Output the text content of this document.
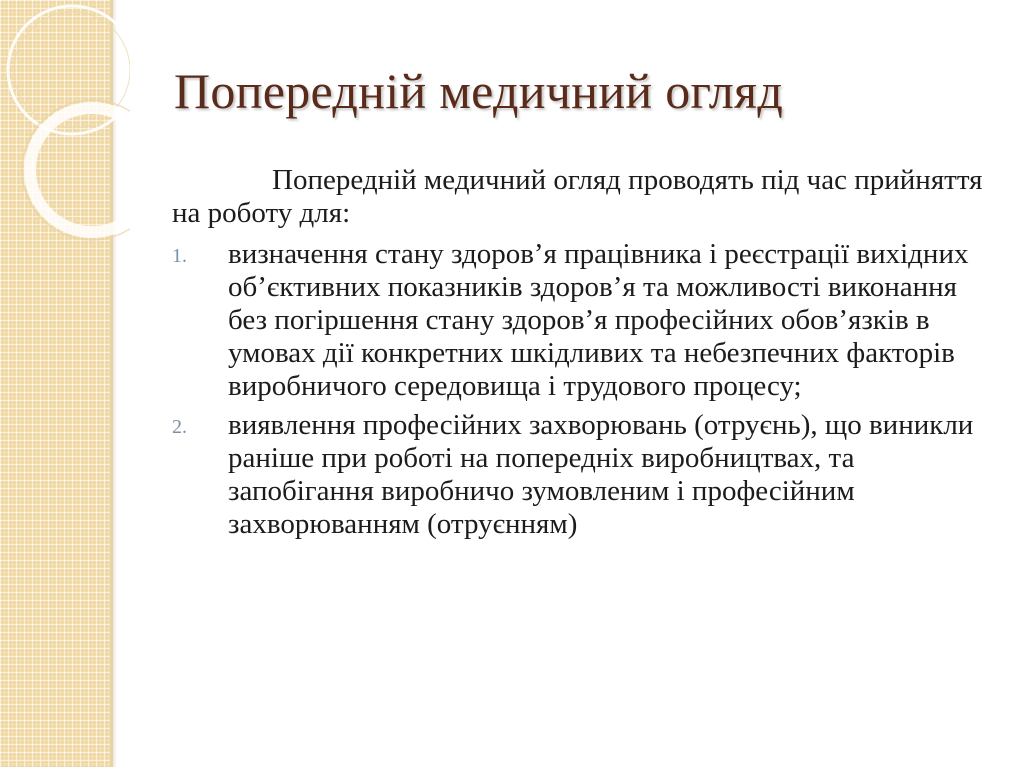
Попередній медичний огляд

Попередній медичний огляд проводять під час прийняття на роботу для:

1. визначення стану здоров’я працівника і реєстрації вихідних об’єктивних показників здоров’я та можливості виконання без погіршення стану здоров’я професійних обов’язків в умовах дії конкретних шкідливих та небезпечних факторів виробничого середовища і трудового процесу;
2. виявлення професійних захворювань (отруєнь), що виникли раніше при роботі на попередніх виробництвах, та запобігання виробничо зумовленим і професійним захворюванням (отруєнням)
